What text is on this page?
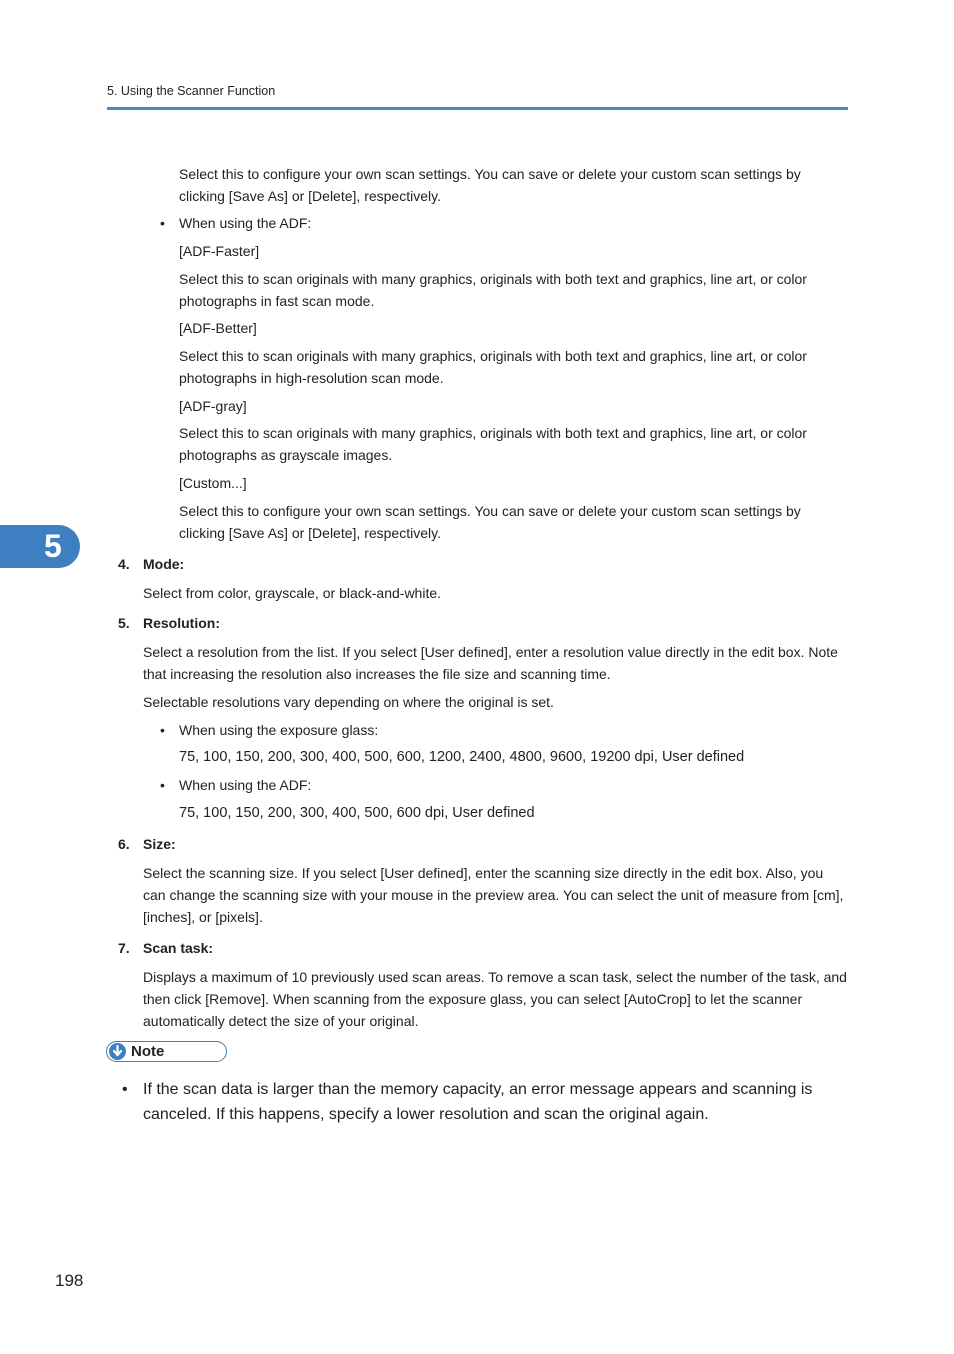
5. Using the Scanner Function
5

Select this to configure your own scan settings. You can save or delete your custom scan settings by clicking [Save As] or [Delete], respectively.

• When using the ADF:

[ADF-Faster]

Select this to scan originals with many graphics, originals with both text and graphics, line art, or color photographs in fast scan mode.

[ADF-Better]

Select this to scan originals with many graphics, originals with both text and graphics, line art, or color photographs in high-resolution scan mode.

[ADF-gray]

Select this to scan originals with many graphics, originals with both text and graphics, line art, or color photographs as grayscale images.

[Custom...]

Select this to configure your own scan settings. You can save or delete your custom scan settings by clicking [Save As] or [Delete], respectively.

4. Mode:

Select from color, grayscale, or black-and-white.

5. Resolution:

Select a resolution from the list. If you select [User defined], enter a resolution value directly in the edit box. Note that increasing the resolution also increases the file size and scanning time.

Selectable resolutions vary depending on where the original is set.

• When using the exposure glass:

75, 100, 150, 200, 300, 400, 500, 600, 1200, 2400, 4800, 9600, 19200 dpi, User defined

• When using the ADF:

75, 100, 150, 200, 300, 400, 500, 600 dpi, User defined

6. Size:

Select the scanning size. If you select [User defined], enter the scanning size directly in the edit box. Also, you can change the scanning size with your mouse in the preview area. You can select the unit of measure from [cm], [inches], or [pixels].

7. Scan task:

Displays a maximum of 10 previously used scan areas. To remove a scan task, select the number of the task, and then click [Remove]. When scanning from the exposure glass, you can select [AutoCrop] to let the scanner automatically detect the size of your original.

Note
• If the scan data is larger than the memory capacity, an error message appears and scanning is canceled. If this happens, specify a lower resolution and scan the original again.

198
